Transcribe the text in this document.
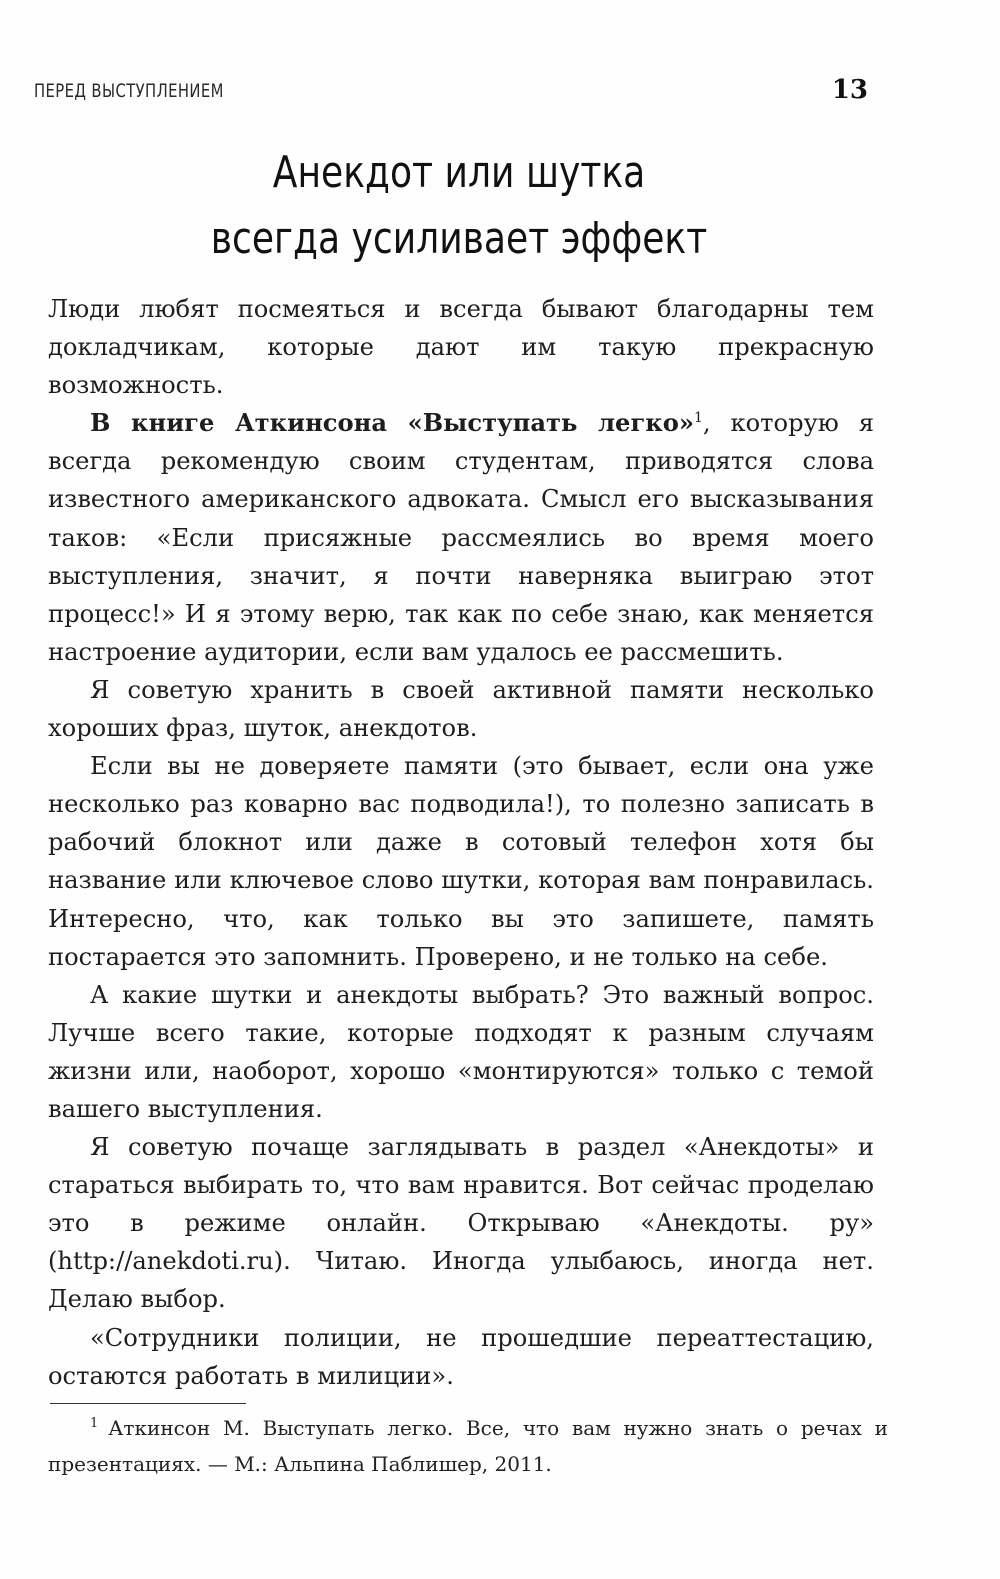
ПЕРЕД ВЫСТУПЛЕНИЕМ	13
Анекдот или шутка
всегда усиливает эффект

Люди любят посмеяться и всегда бывают благодарны тем докладчикам, которые дают им такую прекрасную возможность.

В книге Аткинсона «Выступать легко»$^1$, которую я всегда рекомендую своим студентам, приводятся слова известного американского адвоката. Смысл его высказывания таков: «Если присяжные рассмеялись во время моего выступления, значит, я почти наверняка выиграю этот процесс!» И я этому верю, так как по себе знаю, как меняется настроение аудитории, если вам удалось ее рассмешить.

Я советую хранить в своей активной памяти несколько хороших фраз, шуток, анекдотов.

Если вы не доверяете памяти (это бывает, если она уже несколько раз коварно вас подводила!), то полезно записать в рабочий блокнот или даже в сотовый телефон хотя бы название или ключевое слово шутки, которая вам понравилась. Интересно, что, как только вы это запишете, память постарается это запомнить. Проверено, и не только на себе.

А какие шутки и анекдоты выбрать? Это важный вопрос. Лучше всего такие, которые подходят к разным случаям жизни или, наоборот, хорошо «монтируются» только с темой вашего выступления.

Я советую почаще заглядывать в раздел «Анекдоты» и стараться выбирать то, что вам нравится. Вот сейчас проделаю это в режиме онлайн. Открываю «Анекдоты. ру» (http://anekdoti.ru). Читаю. Иногда улыбаюсь, иногда нет. Делаю выбор.

«Сотрудники полиции, не прошедшие переаттестацию, остаются работать в милиции».

$^1$ Аткинсон М. Выступать легко. Все, что вам нужно знать о речах и презентациях. — М.: Альпина Паблишер, 2011.
